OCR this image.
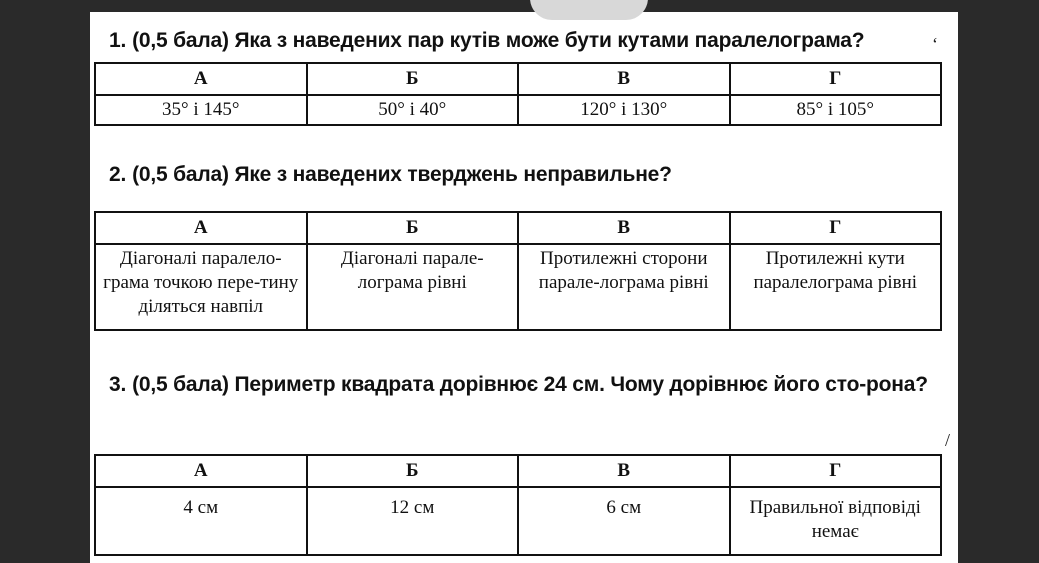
1. (0,5 бала) Яка з наведених пар кутів може бути кутами паралелограма?	‘
А	Б	В	Г
35° і 145°	50° і 40°	120° і 130°	85° і 105°
2. (0,5 бала) Яке з наведених тверджень неправильне?
А	Б	В	Г
Діагоналі паралело-грама точкою пере-тину діляться навпіл	Діагоналі парале-лограма рівні	Протилежні сторони парале-лограма рівні	Протилежні кути паралелограма рівні
3. (0,5 бала) Периметр квадрата дорівнює 24 см. Чому дорівнює його сто-рона?
/
А	Б	В	Г
4 см	12 см	6 см	Правильної відповіді немає
